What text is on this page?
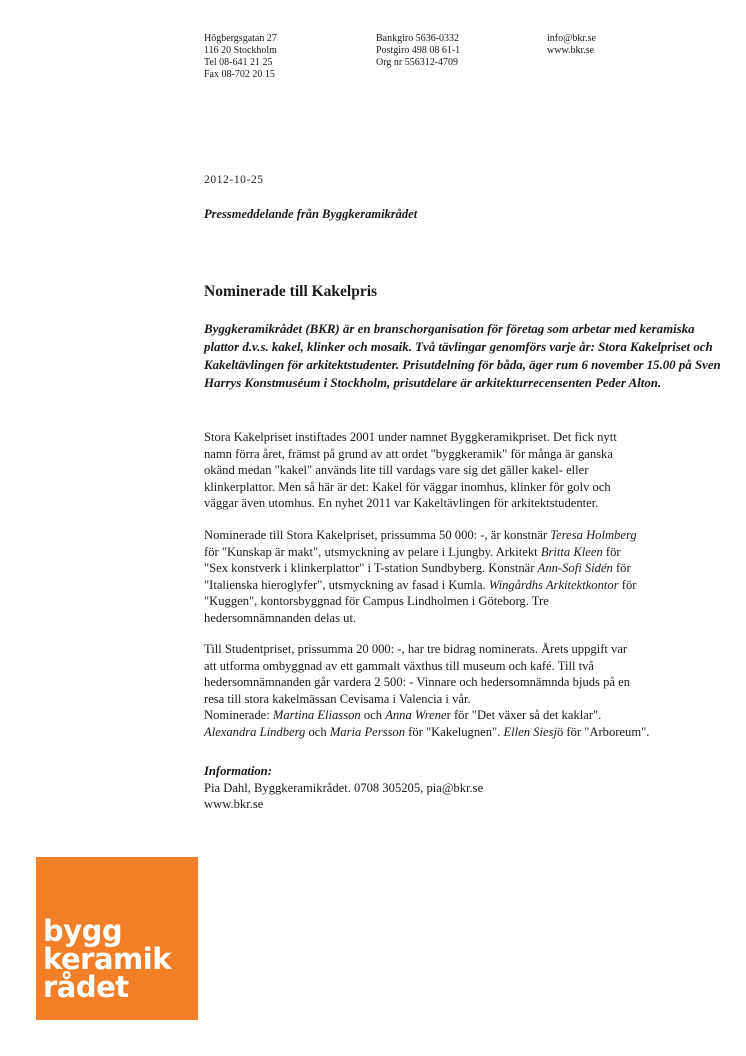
Högbergsgatan 27
116 20 Stockholm
Tel 08-641 21 25
Fax 08-702 20 15
Bankgiro 5636-0332
Postgiro 498 08 61-1
Org nr 556312-4709
info@bkr.se
www.bkr.se
2012-10-25
Pressmeddelande från Byggkeramikrådet
Nominerade till Kakelpris
Byggkeramikrådet (BKR) är en branschorganisation för företag som arbetar med keramiska plattor d.v.s. kakel, klinker och mosaik. Två tävlingar genomförs varje år: Stora Kakelpriset och Kakeltävlingen för arkitektstudenter. Prisutdelning för båda, äger rum 6 november 15.00 på Sven Harrys Konstmuséum i Stockholm, prisutdelare är arkitekturrecensenten Peder Alton.
Stora Kakelpriset instiftades 2001 under namnet Byggkeramikpriset. Det fick nytt
namn förra året, främst på grund av att ordet "byggkeramik" för många är ganska
okänd medan "kakel" används lite till vardags vare sig det gäller kakel- eller
klinkerplattor. Men så här är det: Kakel för väggar inomhus, klinker för golv och
väggar även utomhus. En nyhet 2011 var Kakeltävlingen för arkitektstudenter.
Nominerade till Stora Kakelpriset, prissumma 50 000: -, är konstnär Teresa Holmberg
för "Kunskap är makt", utsmyckning av pelare i Ljungby. Arkitekt Britta Kleen för
"Sex konstverk i klinkerplattor" i T-station Sundbyberg. Konstnär Ann-Sofi Sidén för
"Italienska hieroglyfer", utsmyckning av fasad i Kumla. Wingårdhs Arkitektkontor för
"Kuggen", kontorsbyggnad för Campus Lindholmen i Göteborg. Tre
hedersomnämnanden delas ut.
Till Studentpriset, prissumma 20 000: -, har tre bidrag nominerats. Årets uppgift var
att utforma ombyggnad av ett gammalt växthus till museum och kafé. Till två
hedersomnämnanden går vardera 2 500: - Vinnare och hedersomnämnda bjuds på en
resa till stora kakelmässan Cevisama i Valencia i vår.
Nominerade: Martina Eliasson och Anna Wrener för "Det växer så det kaklar".
Alexandra Lindberg och Maria Persson för "Kakelugnen". Ellen Siesjö för "Arboreum".
Information:
Pia Dahl, Byggkeramikrådet. 0708 305205, pia@bkr.se
www.bkr.se
bygg
keramik
rådet
